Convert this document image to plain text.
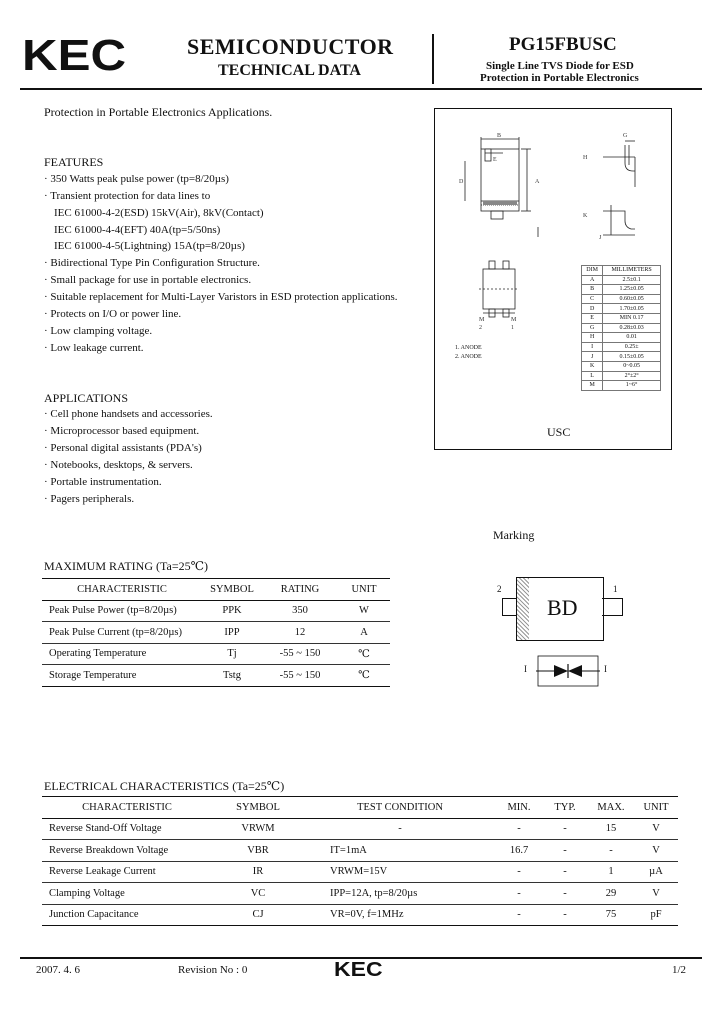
KEC	SEMICONDUCTOR
TECHNICAL DATA
PG15FBUSC
Single Line TVS Diode for ESD
Protection in Portable Electronics
Protection in Portable Electronics Applications.
FEATURES
· 350 Watts peak pulse power (tp=8/20µs)
· Transient protection for data lines to
IEC 61000-4-2(ESD) 15kV(Air), 8kV(Contact)
IEC 61000-4-4(EFT) 40A(tp=5/50ns)
IEC 61000-4-5(Lightning) 15A(tp=8/20µs)
· Bidirectional Type Pin Configuration Structure.
· Small package for use in portable electronics.
· Suitable replacement for Multi-Layer Varistors in ESD protection applications.
· Protects on I/O or power line.
· Low clamping voltage.
· Low leakage current.
APPLICATIONS
· Cell phone handsets and accessories.
· Microprocessor based equipment.
· Personal digital assistants (PDA's)
· Notebooks, desktops, & servers.
· Portable instrumentation.
· Pagers peripherals.
B
E
A
D
G
H
K
J
M	M
2	1
1. ANODE
2. ANODE
USC
DIM	MILLIMETERS
A	2.5±0.1
B	1.25±0.05
C	0.60±0.05
D	1.70±0.05
E	MIN 0.17
G	0.28±0.03
H	0.01
I	0.25±
J	0.15±0.05
K	0~0.05
L	2°±2°
M	1~6°
Marking
2	1
BD
I	I
MAXIMUM RATING (Ta=25℃)
CHARACTERISTIC	SYMBOL	RATING	UNIT
Peak Pulse Power (tp=8/20µs)	PPK	350	W
Peak Pulse Current (tp=8/20µs)	IPP	12	A
Operating Temperature	Tj	-55 ~ 150	℃
Storage Temperature	Tstg	-55 ~ 150	℃
ELECTRICAL CHARACTERISTICS (Ta=25℃)
CHARACTERISTIC	SYMBOL	TEST CONDITION	MIN.	TYP.	MAX.	UNIT
Reverse Stand-Off Voltage	VRWM	-	-	-	15	V
Reverse Breakdown Voltage	VBR	IT=1mA	16.7	-	-	V
Reverse Leakage Current	IR	VRWM=15V	-	-	1	µA
Clamping Voltage	VC	IPP=12A, tp=8/20µs	-	-	29	V
Junction Capacitance	CJ	VR=0V, f=1MHz	-	-	75	pF
2007. 4. 6	Revision No : 0	KEC	1/2
